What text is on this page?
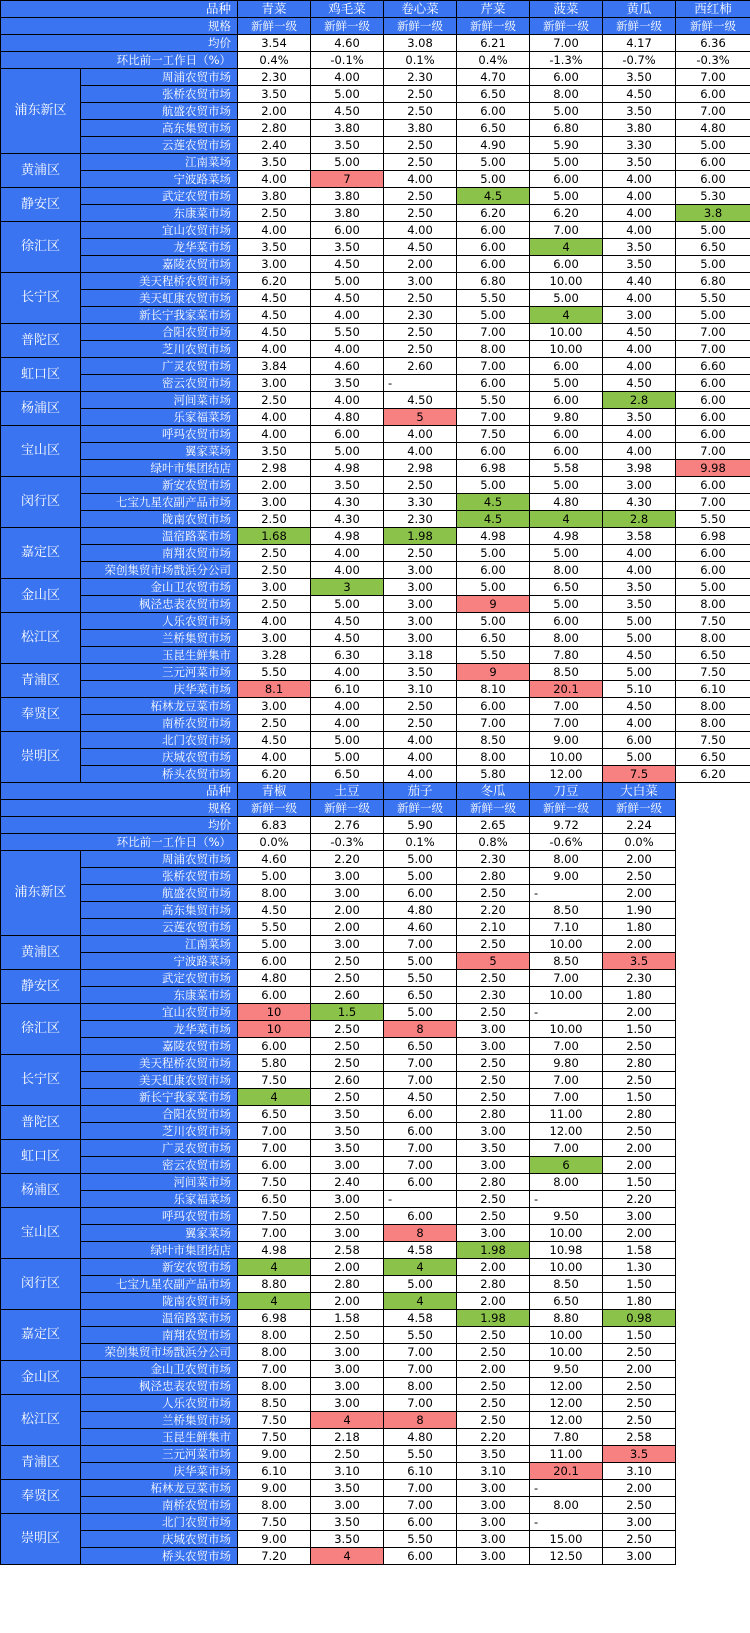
品种		青菜	鸡毛菜	卷心菜	芹菜	菠菜	黄瓜	西红柿
规格		新鲜一级	新鲜一级	新鲜一级	新鲜一级	新鲜一级	新鲜一级	新鲜一级
均价		3.54	4.60	3.08	6.21	7.00	4.17	6.36
环比前一工作日（%）		0.4%	-0.1%	0.1%	0.4%	-1.3%	-0.7%	-0.3%
浦东新区	周浦农贸市场	2.30	4.00	2.30	4.70	6.00	3.50	7.00
	张桥农贸市场	3.50	5.00	2.50	6.50	8.00	4.50	6.00
	航盛农贸市场	2.00	4.50	2.50	6.00	5.00	3.50	7.00
	高东集贸市场	2.80	3.80	3.80	6.50	6.80	3.80	4.80
	云莲农贸市场	2.40	3.50	2.50	4.90	5.90	3.30	5.00
黄浦区	江南菜场	3.50	5.00	2.50	5.00	5.00	3.50	6.00
	宁波路菜场	4.00	7	4.00	5.00	6.00	4.00	6.00
静安区	武定农贸市场	3.80	3.80	2.50	4.5	5.00	4.00	5.30
	东康菜市场	2.50	3.80	2.50	6.20	6.20	4.00	3.8
徐汇区	宜山农贸市场	4.00	6.00	4.00	6.00	7.00	4.00	5.00
	龙华菜市场	3.50	3.50	4.50	6.00	4	3.50	6.50
	嘉陵农贸市场	3.00	4.50	2.00	6.00	6.00	3.50	5.00
长宁区	美天程桥农贸市场	6.20	5.00	3.00	6.80	10.00	4.40	6.80
	美天虹康农贸市场	4.50	4.50	2.50	5.50	5.00	4.00	5.50
	新长宁我家菜市场	4.50	4.00	2.30	5.00	4	3.00	5.00
普陀区	合阳农贸市场	4.50	5.50	2.50	7.00	10.00	4.50	7.00
	芝川农贸市场	4.00	4.00	2.50	8.00	10.00	4.00	7.00
虹口区	广灵农贸市场	3.84	4.60	2.60	7.00	6.00	4.00	6.60
	密云农贸市场	3.00	3.50	-	6.00	5.00	4.50	6.00
杨浦区	河间菜市场	2.50	4.00	4.50	5.50	6.00	2.8	6.00
	乐家福菜场	4.00	4.80	5	7.00	9.80	3.50	6.00
宝山区	呼玛农贸市场	4.00	6.00	4.00	7.50	6.00	4.00	6.00
	翼家菜场	3.50	5.00	4.00	6.00	6.00	4.00	7.00
	绿叶市集团结店	2.98	4.98	2.98	6.98	5.58	3.98	9.98
闵行区	新安农贸市场	2.00	3.50	2.50	5.00	5.00	3.00	6.00
	七宝九星农副产品市场	3.00	4.30	3.30	4.5	4.80	4.30	7.00
	陇南农贸市场	2.50	4.30	2.30	4.5	4	2.8	5.50
嘉定区	温宿路菜市场	1.68	4.98	1.98	4.98	4.98	3.58	6.98
	南翔农贸市场	2.50	4.00	2.50	5.00	5.00	4.00	6.00
	荣创集贸市场戬浜分公司	2.50	4.00	3.00	6.00	8.00	4.00	6.00
金山区	金山卫农贸市场	3.00	3	3.00	5.00	6.50	3.50	5.00
	枫泾忠表农贸市场	2.50	5.00	3.00	9	5.00	3.50	8.00
松江区	人乐农贸市场	4.00	4.50	3.00	5.00	6.00	5.00	7.50
	兰桥集贸市场	3.00	4.50	3.00	6.50	8.00	5.00	8.00
	玉昆生鲜集市	3.28	6.30	3.18	5.50	7.80	4.50	6.50
青浦区	三元河菜市场	5.50	4.00	3.50	9	8.50	5.00	7.50
	庆华菜市场	8.1	6.10	3.10	8.10	20.1	5.10	6.10
奉贤区	柘林龙豆菜市场	3.00	4.00	2.50	6.00	7.00	4.50	8.00
	南桥农贸市场	2.50	4.00	2.50	7.00	7.00	4.00	8.00
崇明区	北门农贸市场	4.50	5.00	4.00	8.50	9.00	6.00	7.50
	庆城农贸市场	4.00	5.00	4.00	8.00	10.00	5.00	6.50
	桥头农贸市场	6.20	6.50	4.00	5.80	12.00	7.5	6.20
品种		青椒	土豆	茄子	冬瓜	刀豆	大白菜	
规格		新鲜一级	新鲜一级	新鲜一级	新鲜一级	新鲜一级	新鲜一级	
均价		6.83	2.76	5.90	2.65	9.72	2.24	
环比前一工作日（%）		0.0%	-0.3%	0.1%	0.8%	-0.6%	0.0%	
浦东新区	周浦农贸市场	4.60	2.20	5.00	2.30	8.00	2.00	
	张桥农贸市场	5.00	3.00	5.00	2.80	9.00	2.50	
	航盛农贸市场	8.00	3.00	6.00	2.50	-	2.00	
	高东集贸市场	4.50	2.00	4.80	2.20	8.50	1.90	
	云莲农贸市场	5.50	2.00	4.60	2.10	7.10	1.80	
黄浦区	江南菜场	5.00	3.00	7.00	2.50	10.00	2.00	
	宁波路菜场	6.00	2.50	5.00	5	8.50	3.5	
静安区	武定农贸市场	4.80	2.50	5.50	2.50	7.00	2.30	
	东康菜市场	6.00	2.60	6.50	2.30	10.00	1.80	
徐汇区	宜山农贸市场	10	1.5	5.00	2.50	-	2.00	
	龙华菜市场	10	2.50	8	3.00	10.00	1.50	
	嘉陵农贸市场	6.00	2.50	6.50	3.00	7.00	2.50	
长宁区	美天程桥农贸市场	5.80	2.50	7.00	2.50	9.80	2.80	
	美天虹康农贸市场	7.50	2.60	7.00	2.50	7.00	2.50	
	新长宁我家菜市场	4	2.50	4.50	2.50	7.00	1.50	
普陀区	合阳农贸市场	6.50	3.50	6.00	2.80	11.00	2.80	
	芝川农贸市场	7.00	3.50	6.00	3.00	12.00	2.50	
虹口区	广灵农贸市场	7.00	3.50	7.00	3.50	7.00	2.00	
	密云农贸市场	6.00	3.00	7.00	3.00	6	2.00	
杨浦区	河间菜市场	7.50	2.40	6.00	2.80	8.00	1.50	
	乐家福菜场	6.50	3.00	-	2.50	-	2.20	
宝山区	呼玛农贸市场	7.50	2.50	6.00	2.50	9.50	3.00	
	翼家菜场	7.00	3.00	8	3.00	10.00	2.00	
	绿叶市集团结店	4.98	2.58	4.58	1.98	10.98	1.58	
闵行区	新安农贸市场	4	2.00	4	2.00	10.00	1.30	
	七宝九星农副产品市场	8.80	2.80	5.00	2.80	8.50	1.50	
	陇南农贸市场	4	2.00	4	2.00	6.50	1.80	
嘉定区	温宿路菜市场	6.98	1.58	4.58	1.98	8.80	0.98	
	南翔农贸市场	8.00	2.50	5.50	2.50	10.00	1.50	
	荣创集贸市场戬浜分公司	8.00	3.00	7.00	2.50	10.00	2.50	
金山区	金山卫农贸市场	7.00	3.00	7.00	2.00	9.50	2.00	
	枫泾忠表农贸市场	8.00	3.00	8.00	2.50	12.00	2.50	
松江区	人乐农贸市场	8.50	3.00	7.00	2.50	12.00	2.50	
	兰桥集贸市场	7.50	4	8	2.50	12.00	2.50	
	玉昆生鲜集市	7.50	2.18	4.80	2.20	7.80	2.58	
青浦区	三元河菜市场	9.00	2.50	5.50	3.50	11.00	3.5	
	庆华菜市场	6.10	3.10	6.10	3.10	20.1	3.10	
奉贤区	柘林龙豆菜市场	9.00	3.50	7.00	3.00	-	2.00	
	南桥农贸市场	8.00	3.00	7.00	3.00	8.00	2.50	
崇明区	北门农贸市场	7.50	3.50	6.00	3.00	-	3.00	
	庆城农贸市场	9.00	3.50	5.50	3.00	15.00	2.50	
	桥头农贸市场	7.20	4	6.00	3.00	12.50	3.00	
